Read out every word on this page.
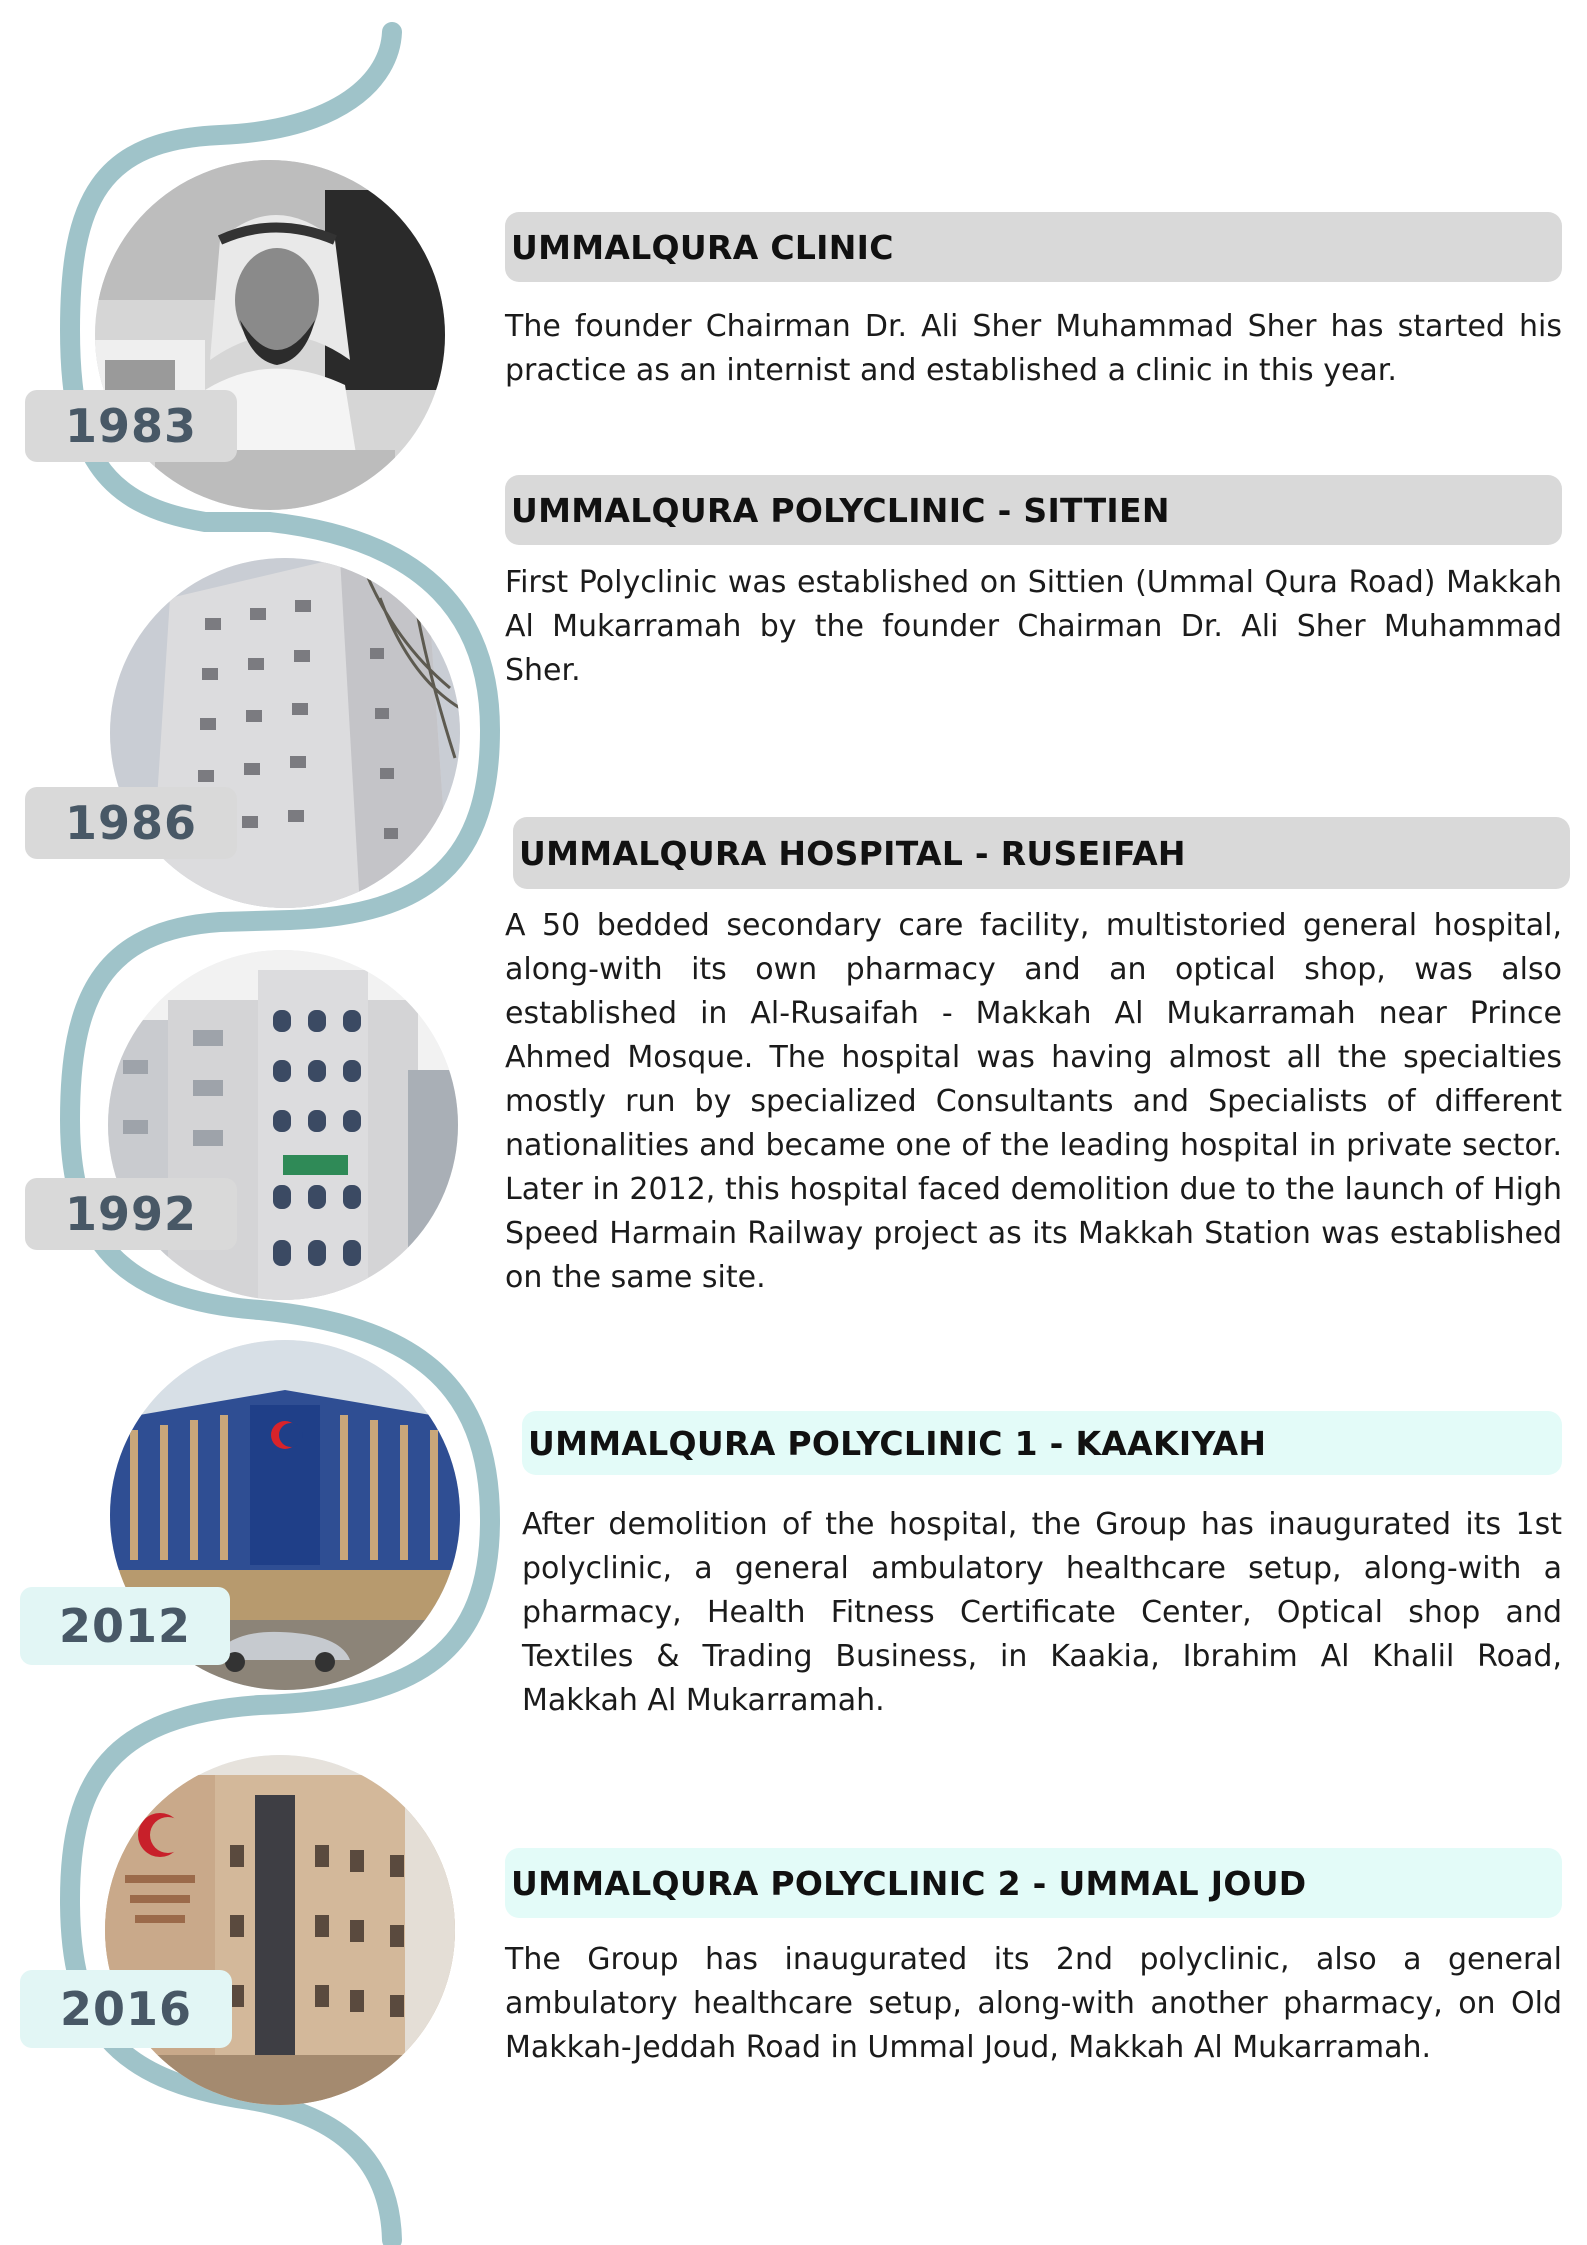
1983
UMMALQURA CLINIC

The founder Chairman Dr. Ali Sher Muhammad Sher has started his practice as an internist and established a clinic in this year.

1986
UMMALQURA POLYCLINIC - SITTIEN

First Polyclinic was established on Sittien (Ummal Qura Road) Makkah Al Mukarramah by the founder Chairman Dr. Ali Sher Muhammad Sher.

1992
UMMALQURA HOSPITAL - RUSEIFAH

A 50 bedded secondary care facility, multistoried general hospital, along-with its own pharmacy and an optical shop, was also established in Al-Rusaifah - Makkah Al Mukarramah near Prince Ahmed Mosque. The hospital was having almost all the specialties mostly run by specialized Consultants and Specialists of different nationalities and became one of the leading hospital in private sector. Later in 2012, this hospital faced demolition due to the launch of High Speed Harmain Railway project as its Makkah Station was established on the same site.

2012
UMMALQURA POLYCLINIC 1 - KAAKIYAH

After demolition of the hospital, the Group has inaugurated its 1st polyclinic, a general ambulatory healthcare setup, along-with a pharmacy, Health Fitness Certificate Center, Optical shop and Textiles & Trading Business, in Kaakia, Ibrahim Al Khalil Road, Makkah Al Mukarramah.

2016
UMMALQURA POLYCLINIC 2 - UMMAL JOUD

The Group has inaugurated its 2nd polyclinic, also a general ambulatory healthcare setup, along-with another pharmacy, on Old Makkah-Jeddah Road in Ummal Joud, Makkah Al Mukarramah.
